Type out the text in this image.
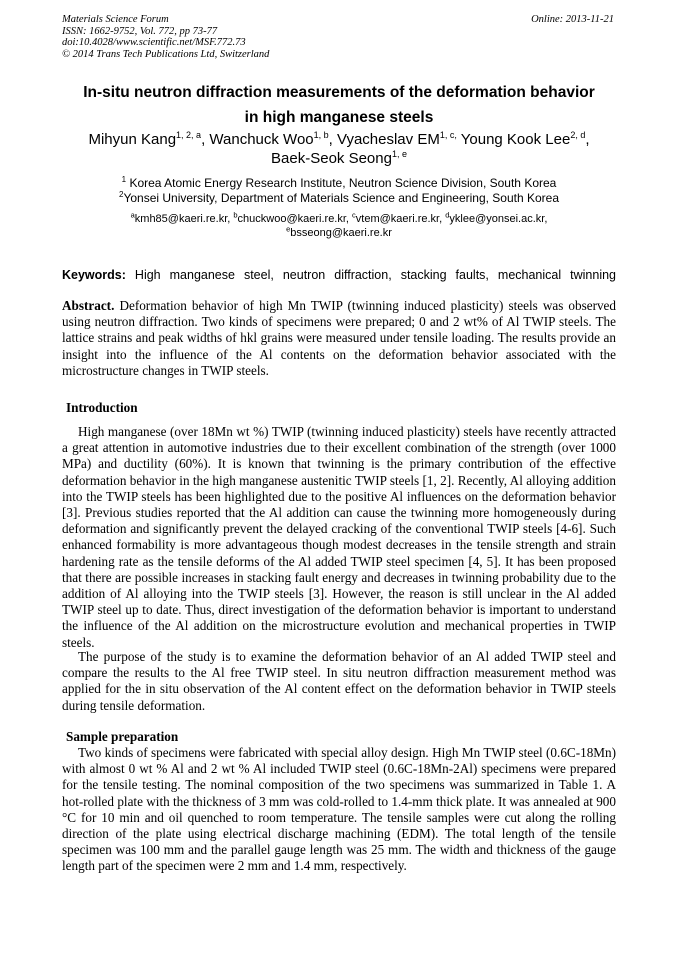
Materials Science Forum
ISSN: 1662-9752, Vol. 772, pp 73-77
doi:10.4028/www.scientific.net/MSF.772.73
© 2014 Trans Tech Publications Ltd, Switzerland
Online: 2013-11-21
In-situ neutron diffraction measurements of the deformation behavior
in high manganese steels
Mihyun Kang$^{1, 2, a}$, Wanchuck Woo$^{1, b}$, Vyacheslav $EM^{1, c,}$ Young Kook Lee$^{2, d}$,
Baek-Seok Seong$^{1, e}$
$^1$ Korea Atomic Energy Research Institute, Neutron Science Division, South Korea
$^2$Yonsei University, Department of Materials Science and Engineering, South Korea
$^a$kmh85@kaeri.re.kr, $^b$chuckwoo@kaeri.re.kr, $^c$vtem@kaeri.re.kr, $^d$yklee@yonsei.ac.kr,
$^e$bsseong@kaeri.re.kr
Keywords: High manganese steel, neutron diffraction, stacking faults, mechanical twinning
Abstract. Deformation behavior of high Mn TWIP (twinning induced plasticity) steels was observed using neutron diffraction. Two kinds of specimens were prepared; 0 and 2 wt% of Al TWIP steels. The lattice strains and peak widths of hkl grains were measured under tensile loading. The results provide an insight into the influence of the Al contents on the deformation behavior associated with the microstructure changes in TWIP steels.
Introduction
High manganese (over 18Mn wt %) TWIP (twinning induced plasticity) steels have recently attracted a great attention in automotive industries due to their excellent combination of the strength (over 1000 MPa) and ductility (60%). It is known that twinning is the primary contribution of the effective deformation behavior in the high manganese austenitic TWIP steels [1, 2]. Recently, Al alloying addition into the TWIP steels has been highlighted due to the positive Al influences on the deformation behavior [3]. Previous studies reported that the Al addition can cause the twinning more homogeneously during deformation and significantly prevent the delayed cracking of the conventional TWIP steels [4-6]. Such enhanced formability is more advantageous though modest decreases in the tensile strength and strain hardening rate as the tensile deforms of the Al added TWIP steel specimen [4, 5]. It has been proposed that there are possible increases in stacking fault energy and decreases in twinning probability due to the addition of Al alloying into the TWIP steels [3]. However, the reason is still unclear in the Al added TWIP steel up to date. Thus, direct investigation of the deformation behavior is important to understand the influence of the Al addition on the microstructure evolution and mechanical properties in TWIP steels.
The purpose of the study is to examine the deformation behavior of an Al added TWIP steel and compare the results to the Al free TWIP steel. In situ neutron diffraction measurement method was applied for the in situ observation of the Al content effect on the deformation behavior in TWIP steels during tensile deformation.
Sample preparation
Two kinds of specimens were fabricated with special alloy design. High Mn TWIP steel (0.6C-18Mn) with almost 0 wt % Al and 2 wt % Al included TWIP steel (0.6C-18Mn-2Al) specimens were prepared for the tensile testing. The nominal composition of the two specimens was summarized in Table 1. A hot-rolled plate with the thickness of 3 mm was cold-rolled to 1.4-mm thick plate. It was annealed at 900 °C for 10 min and oil quenched to room temperature. The tensile samples were cut along the rolling direction of the plate using electrical discharge machining (EDM). The total length of the tensile specimen was 100 mm and the parallel gauge length was 25 mm. The width and thickness of the gauge length part of the specimen were 2 mm and 1.4 mm, respectively.
